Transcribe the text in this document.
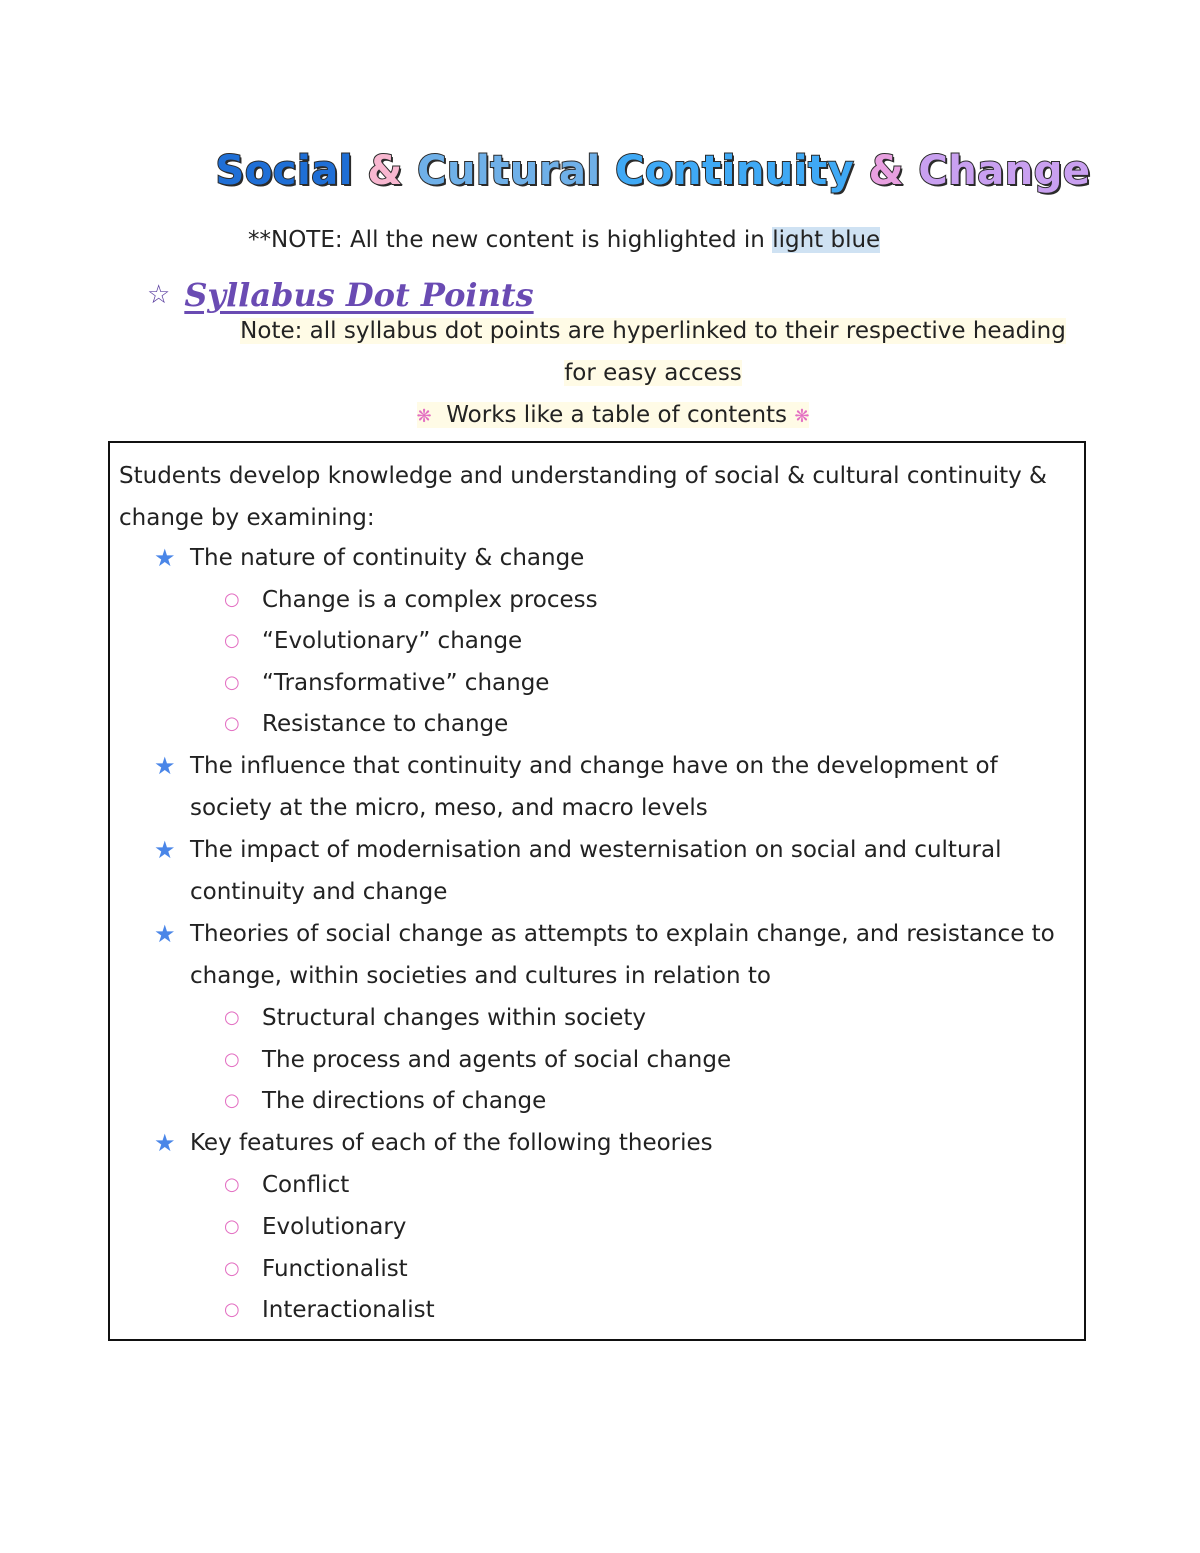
Social & Cultural Continuity & Change
**NOTE: All the new content is highlighted in light blue
☆ Syllabus Dot Points
Note: all syllabus dot points are hyperlinked to their respective heading
for easy access
❋ Works like a table of contents ❋
Students develop knowledge and understanding of social & cultural continuity & change by examining:
★ The nature of continuity & change
○ Change is a complex process
○ “Evolutionary” change
○ “Transformative” change
○ Resistance to change
★ The influence that continuity and change have on the development of society at the micro, meso, and macro levels
★ The impact of modernisation and westernisation on social and cultural continuity and change
★ Theories of social change as attempts to explain change, and resistance to change, within societies and cultures in relation to
○ Structural changes within society
○ The process and agents of social change
○ The directions of change
★ Key features of each of the following theories
○ Conflict
○ Evolutionary
○ Functionalist
○ Interactionalist
